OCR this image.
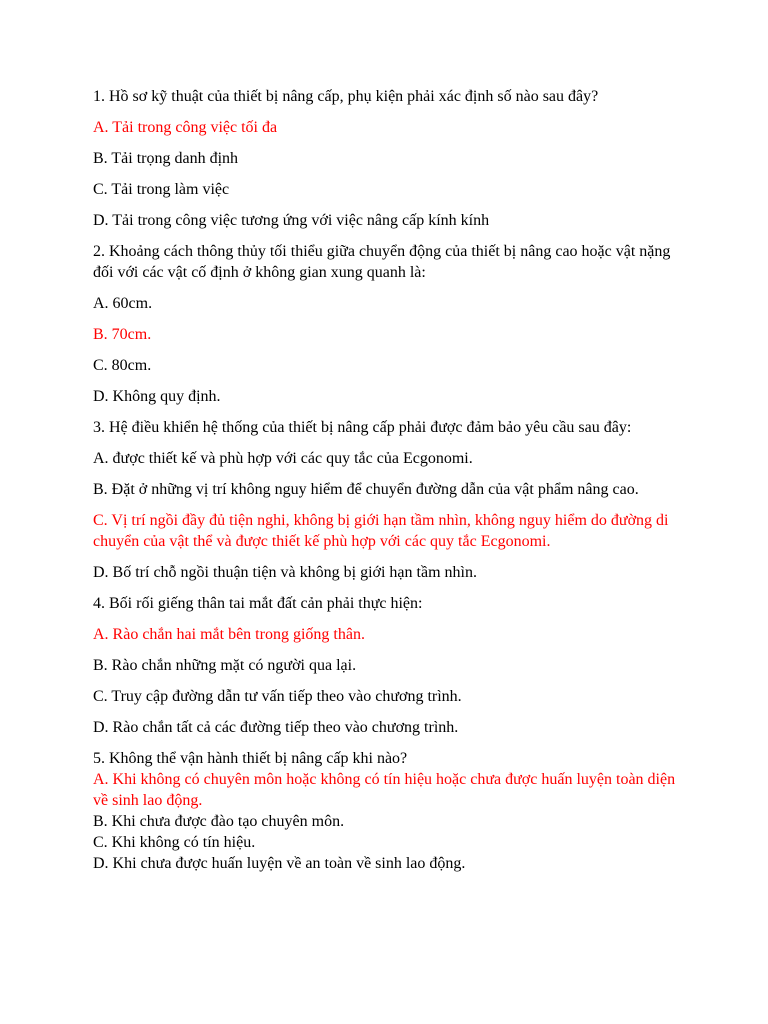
1. Hồ sơ kỹ thuật của thiết bị nâng cấp, phụ kiện phải xác định số nào sau đây?

A. Tải trong công việc tối đa

B. Tải trọng danh định

C. Tải trong làm việc

D. Tải trong công việc tương ứng với việc nâng cấp kính kính

2. Khoảng cách thông thủy tối thiểu giữa chuyển động của thiết bị nâng cao hoặc vật nặng đối với các vật cố định ở không gian xung quanh là:

A. 60cm.

B. 70cm.

C. 80cm.

D. Không quy định.

3. Hệ điều khiển hệ thống của thiết bị nâng cấp phải được đảm bảo yêu cầu sau đây:

A. được thiết kế và phù hợp với các quy tắc của Ecgonomi.

B. Đặt ở những vị trí không nguy hiểm để chuyển đường dẫn của vật phẩm nâng cao.

C. Vị trí ngồi đầy đủ tiện nghi, không bị giới hạn tầm nhìn, không nguy hiểm do đường di chuyển của vật thể và được thiết kế phù hợp với các quy tắc Ecgonomi.

D. Bố trí chỗ ngồi thuận tiện và không bị giới hạn tầm nhìn.

4. Bối rối giếng thân tai mắt đất cản phải thực hiện:

A. Rào chắn hai mắt bên trong giống thân.

B. Rào chắn những mặt có người qua lại.

C. Truy cập đường dẫn tư vấn tiếp theo vào chương trình.

D. Rào chắn tất cả các đường tiếp theo vào chương trình.

5. Không thể vận hành thiết bị nâng cấp khi nào?

A. Khi không có chuyên môn hoặc không có tín hiệu hoặc chưa được huấn luyện toàn diện về sinh lao động.

B. Khi chưa được đào tạo chuyên môn.

C. Khi không có tín hiệu.

D. Khi chưa được huấn luyện về an toàn về sinh lao động.
